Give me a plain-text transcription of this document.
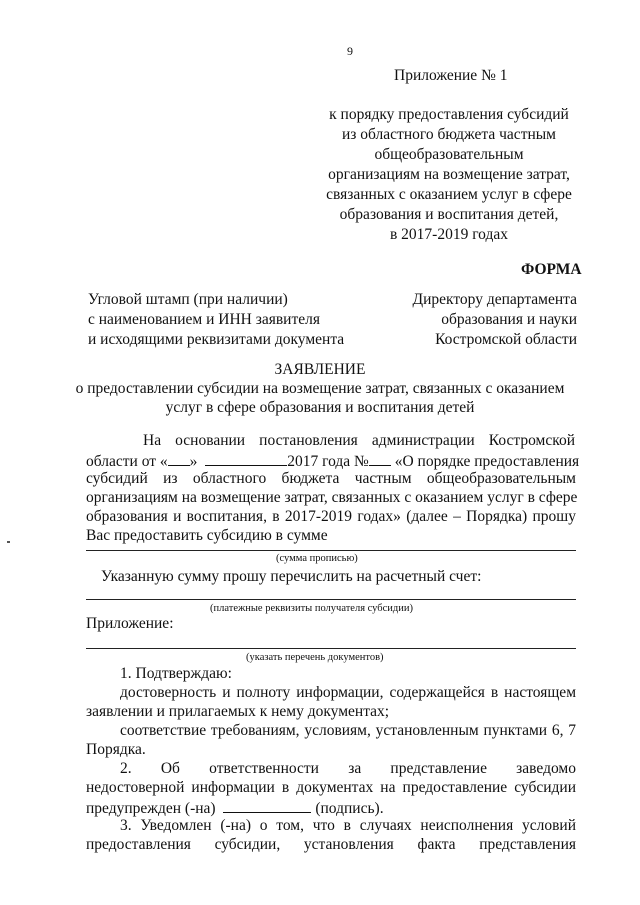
9
Приложение № 1
к порядку предоставления субсидий
из областного бюджета частным
общеобразовательным
организациям на возмещение затрат,
связанных с оказанием услуг в сфере
образования и воспитания детей,
в 2017-2019 годах
ФОРМА
Угловой штамп (при наличии)
с наименованием и ИНН заявителя
и исходящими реквизитами документа
Директору департамента
образования и науки
Костромской области
ЗАЯВЛЕНИЕ
о предоставлении субсидии на возмещение затрат, связанных с оказанием
услуг в сфере образования и воспитания детей
На основании постановления администрации Костромской
области от « »	2017 года № «О порядке предоставления
субсидий из областного бюджета частным общеобразовательным
организациям на возмещение затрат, связанных с оказанием услуг в сфере
образования и воспитания, в 2017-2019 годах» (далее – Порядка) прошу
Вас предоставить субсидию в сумме
(сумма прописью)
Указанную сумму прошу перечислить на расчетный счет:
(платежные реквизиты получателя субсидии)
Приложение:
(указать перечень документов)
1. Подтверждаю:
достоверность и полноту информации, содержащейся в настоящем
заявлении и прилагаемых к нему документах;
соответствие требованиям, условиям, установленным пунктами 6, 7
Порядка.
2. Об ответственности за представление заведомо
недостоверной информации в документах на предоставление субсидии
предупрежден (-на)	(подпись).
3. Уведомлен (-на) о том, что в случаях неисполнения условий
предоставления субсидии, установления факта представления
